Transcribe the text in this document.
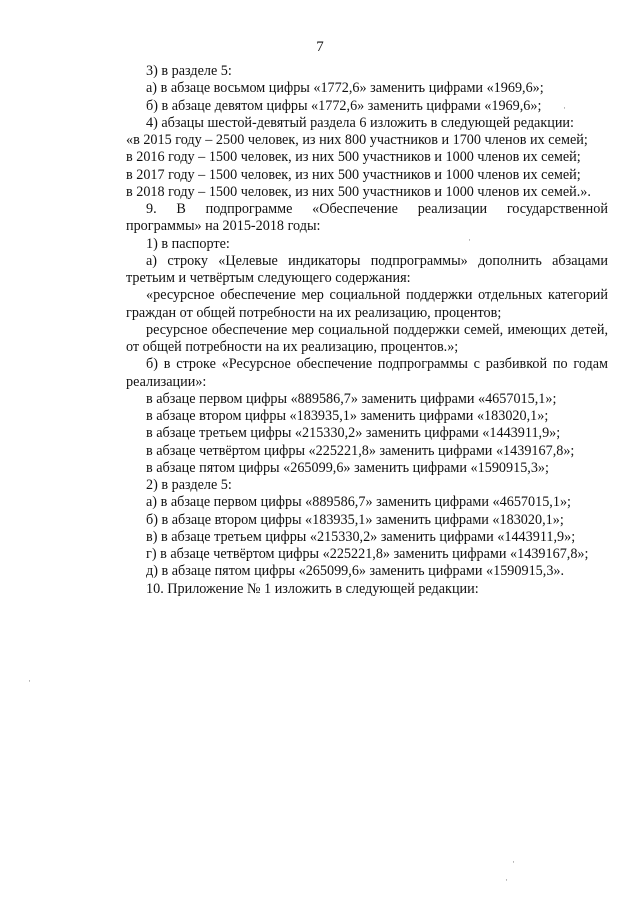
7
3) в разделе 5:
а) в абзаце восьмом цифры «1772,6» заменить цифрами «1969,6»;
б) в абзаце девятом цифры «1772,6» заменить цифрами «1969,6»;
4) абзацы шестой-девятый раздела 6 изложить в следующей редакции:
«в 2015 году – 2500 человек, из них 800 участников и 1700 членов их семей;
в 2016 году – 1500 человек, из них 500 участников и 1000 членов их семей;
в 2017 году – 1500 человек, из них 500 участников и 1000 членов их семей;
в 2018 году – 1500 человек, из них 500 участников и 1000 членов их семей.».
9. В подпрограмме «Обеспечение реализации государственной
программы» на 2015-2018 годы:
1) в паспорте:
а) строку «Целевые индикаторы подпрограммы» дополнить абзацами третьим и четвёртым следующего содержания:
«ресурсное обеспечение мер социальной поддержки отдельных категорий граждан от общей потребности на их реализацию, процентов;
ресурсное обеспечение мер социальной поддержки семей, имеющих детей, от общей потребности на их реализацию, процентов.»;
б) в строке «Ресурсное обеспечение подпрограммы с разбивкой по годам реализации»:
в абзаце первом цифры «889586,7» заменить цифрами «4657015,1»;
в абзаце втором цифры «183935,1» заменить цифрами «183020,1»;
в абзаце третьем цифры «215330,2» заменить цифрами «1443911,9»;
в абзаце четвёртом цифры «225221,8» заменить цифрами «1439167,8»;
в абзаце пятом цифры «265099,6» заменить цифрами «1590915,3»;
2) в разделе 5:
а) в абзаце первом цифры «889586,7» заменить цифрами «4657015,1»;
б) в абзаце втором цифры «183935,1» заменить цифрами «183020,1»;
в) в абзаце третьем цифры «215330,2» заменить цифрами «1443911,9»;
г) в абзаце четвёртом цифры «225221,8» заменить цифрами «1439167,8»;
д) в абзаце пятом цифры «265099,6» заменить цифрами «1590915,3».
10. Приложение № 1 изложить в следующей редакции:
·
·
·
·
·
